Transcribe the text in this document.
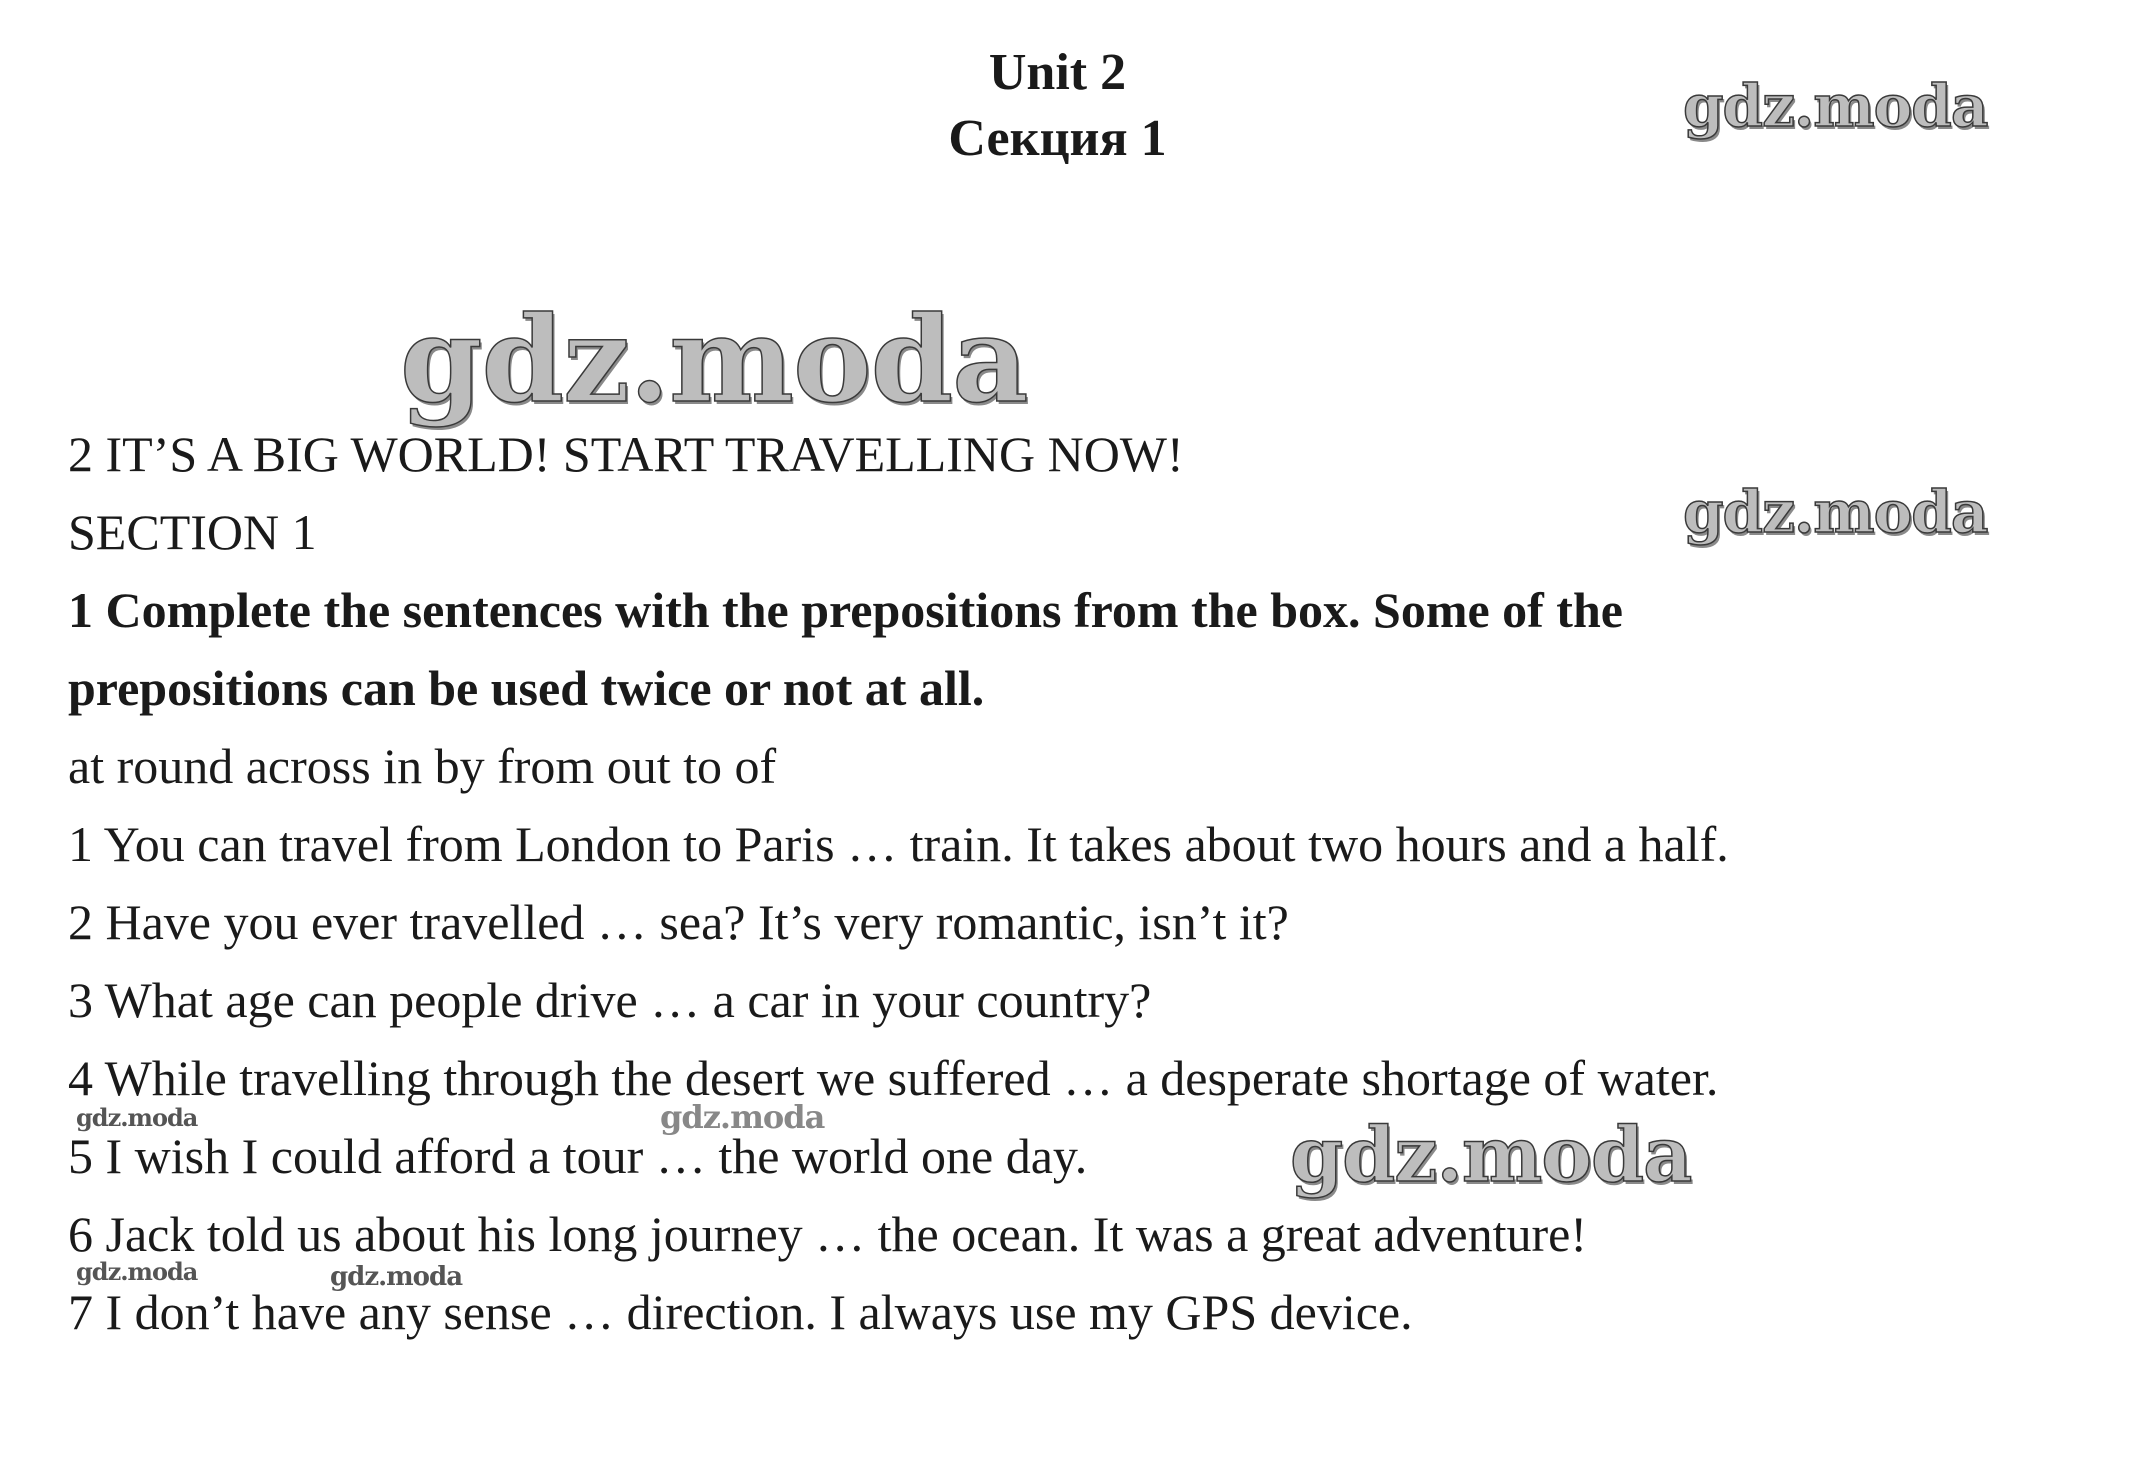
Unit 2
Секция 1
2 IT’S A BIG WORLD! START TRAVELLING NOW!
SECTION 1
1 Complete the sentences with the prepositions from the box. Some of the
prepositions can be used twice or not at all.
at round across in by from out to of
1 You can travel from London to Paris … train. It takes about two hours and a half.
2 Have you ever travelled … sea? It’s very romantic, isn’t it?
3 What age can people drive … a car in your country?
4 While travelling through the desert we suffered … a desperate shortage of water.
5 I wish I could afford a tour … the world one day.
6 Jack told us about his long journey … the ocean. It was a great adventure!
7 I don’t have any sense … direction. I always use my GPS device.
gdz.moda
gdz.moda
gdz.moda
gdz.moda	gdz.moda	gdz.moda
gdz.moda	gdz.moda
